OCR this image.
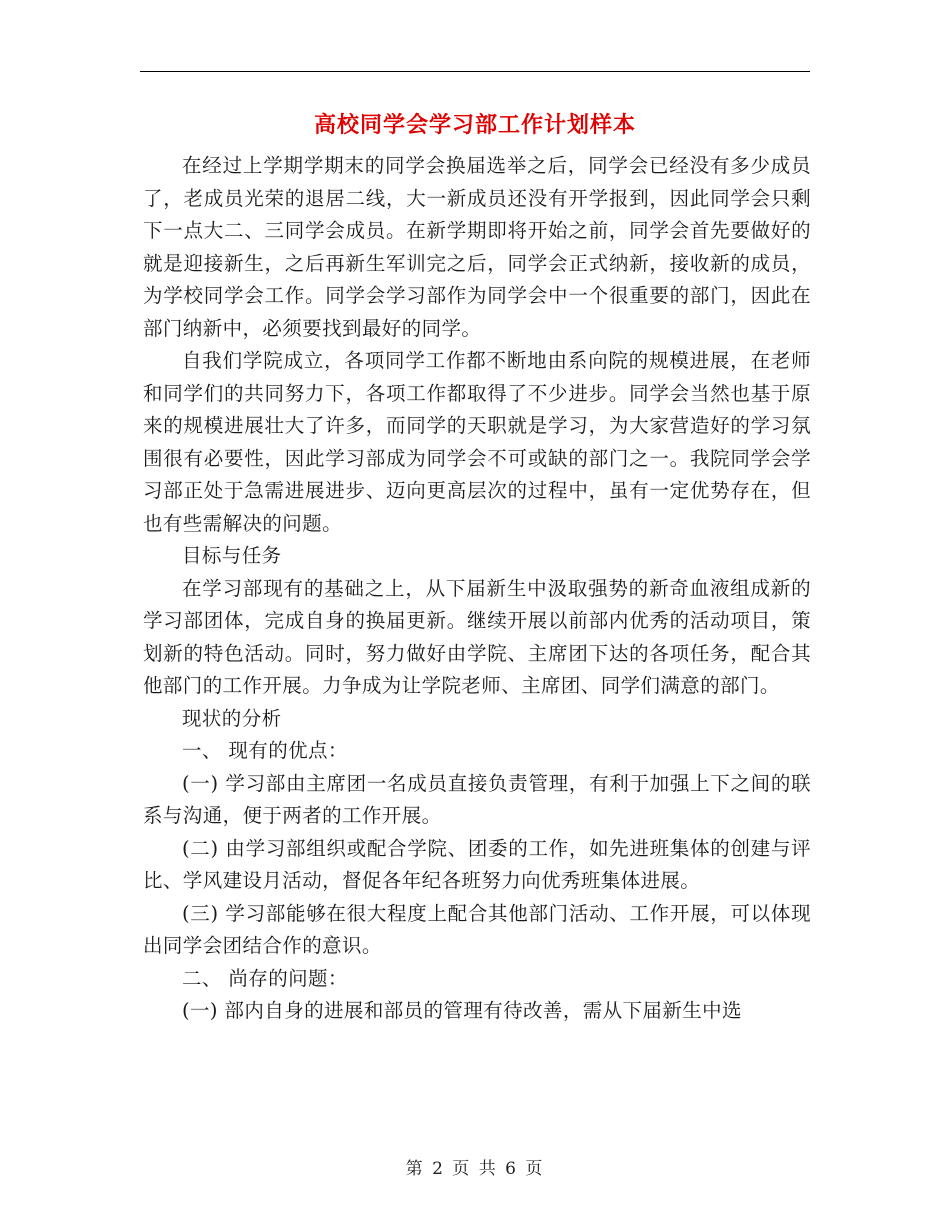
高校同学会学习部工作计划样本

在经过上学期学期末的同学会换届选举之后，同学会已经没有多少成员了，老成员光荣的退居二线，大一新成员还没有开学报到，因此同学会只剩下一点大二、三同学会成员。在新学期即将开始之前，同学会首先要做好的就是迎接新生，之后再新生军训完之后，同学会正式纳新，接收新的成员，为学校同学会工作。同学会学习部作为同学会中一个很重要的部门，因此在部门纳新中，必须要找到最好的同学。

自我们学院成立，各项同学工作都不断地由系向院的规模进展，在老师和同学们的共同努力下，各项工作都取得了不少进步。同学会当然也基于原来的规模进展壮大了许多，而同学的天职就是学习，为大家营造好的学习氛围很有必要性，因此学习部成为同学会不可或缺的部门之一。我院同学会学习部正处于急需进展进步、迈向更高层次的过程中，虽有一定优势存在，但也有些需解决的问题。

目标与任务

在学习部现有的基础之上，从下届新生中汲取强势的新奇血液组成新的学习部团体，完成自身的换届更新。继续开展以前部内优秀的活动项目，策划新的特色活动。同时，努力做好由学院、主席团下达的各项任务，配合其他部门的工作开展。力争成为让学院老师、主席团、同学们满意的部门。

现状的分析

一、 现有的优点：

(一) 学习部由主席团一名成员直接负责管理，有利于加强上下之间的联系与沟通，便于两者的工作开展。

(二) 由学习部组织或配合学院、团委的工作，如先进班集体的创建与评比、学风建设月活动，督促各年纪各班努力向优秀班集体进展。

(三) 学习部能够在很大程度上配合其他部门活动、工作开展，可以体现出同学会团结合作的意识。

二、 尚存的问题：

(一) 部内自身的进展和部员的管理有待改善，需从下届新生中选

第 2 页 共 6 页
